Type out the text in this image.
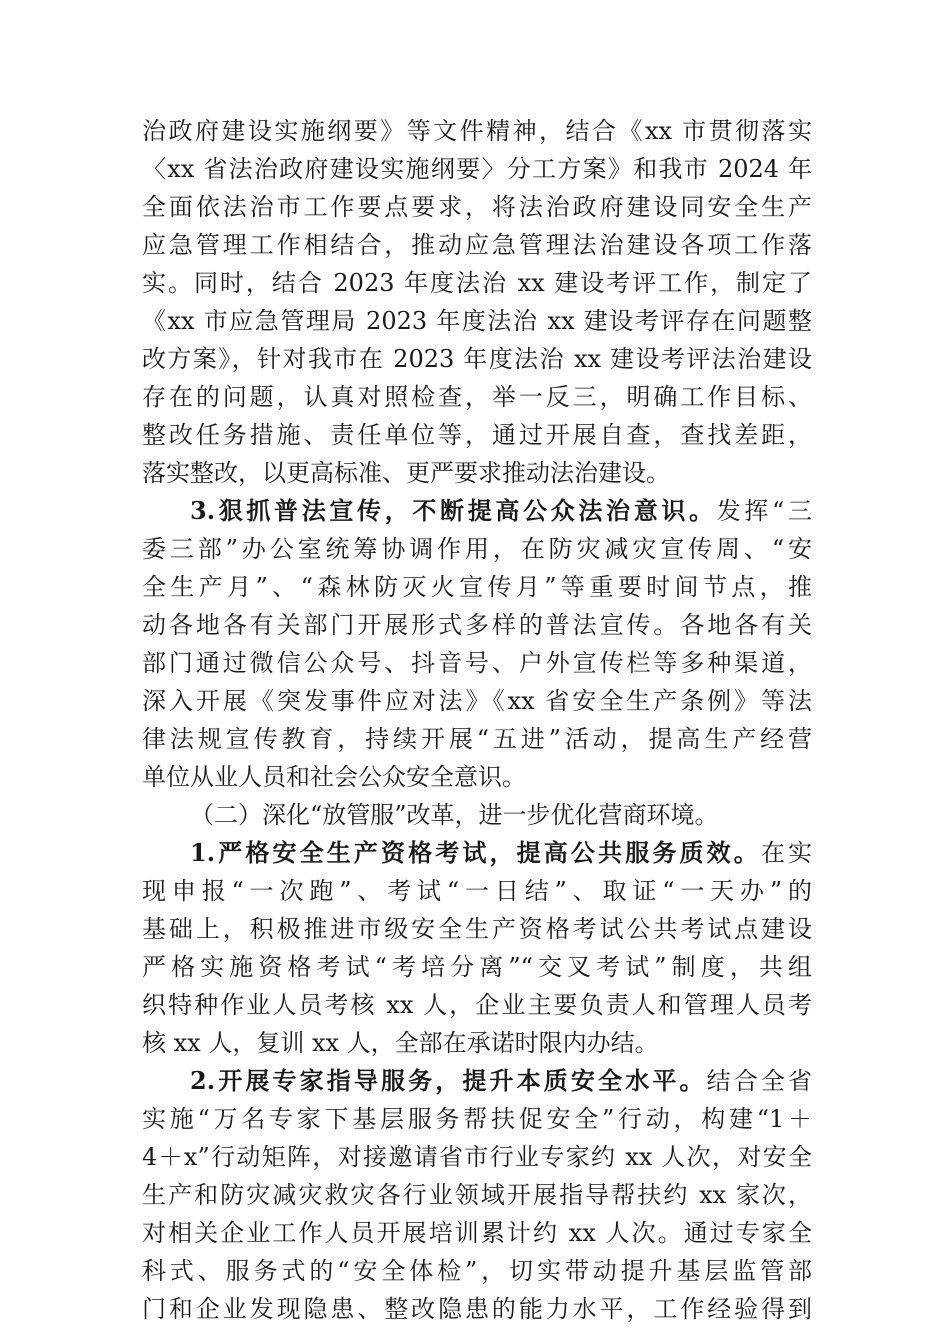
治政府建设实施纲要》等文件精神，结合《xx 市贯彻落实
〈xx 省法治政府建设实施纲要〉分工方案》和我市 2024 年
全面依法治市工作要点要求，将法治政府建设同安全生产
应急管理工作相结合，推动应急管理法治建设各项工作落
实。同时，结合 2023 年度法治 xx 建设考评工作，制定了
《xx 市应急管理局 2023 年度法治 xx 建设考评存在问题整
改方案》，针对我市在 2023 年度法治 xx 建设考评法治建设
存在的问题，认真对照检查，举一反三，明确工作目标、
整改任务措施、责任单位等，通过开展自查，查找差距，
落实整改，以更高标准、更严要求推动法治建设。
3.狠抓普法宣传，不断提高公众法治意识。发挥“三
委三部”办公室统筹协调作用，在防灾减灾宣传周、“安
全生产月”、“森林防灭火宣传月”等重要时间节点，推
动各地各有关部门开展形式多样的普法宣传。各地各有关
部门通过微信公众号、抖音号、户外宣传栏等多种渠道，
深入开展《突发事件应对法》《xx 省安全生产条例》等法
律法规宣传教育，持续开展“五进”活动，提高生产经营
单位从业人员和社会公众安全意识。
（二）深化“放管服”改革，进一步优化营商环境。
1.严格安全生产资格考试，提高公共服务质效。在实
现申报“一次跑”、考试“一日结”、取证“一天办”的
基础上，积极推进市级安全生产资格考试公共考试点建设
严格实施资格考试“考培分离”“交叉考试”制度，共组
织特种作业人员考核 xx 人，企业主要负责人和管理人员考
核 xx 人，复训 xx 人，全部在承诺时限内办结。
2.开展专家指导服务，提升本质安全水平。结合全省
实施“万名专家下基层服务帮扶促安全”行动，构建“1＋
4＋x”行动矩阵，对接邀请省市行业专家约 xx 人次，对安全
生产和防灾减灾救灾各行业领域开展指导帮扶约 xx 家次，
对相关企业工作人员开展培训累计约 xx 人次。通过专家全
科式、服务式的“安全体检”，切实带动提升基层监管部
门和企业发现隐患、整改隐患的能力水平，工作经验得到
